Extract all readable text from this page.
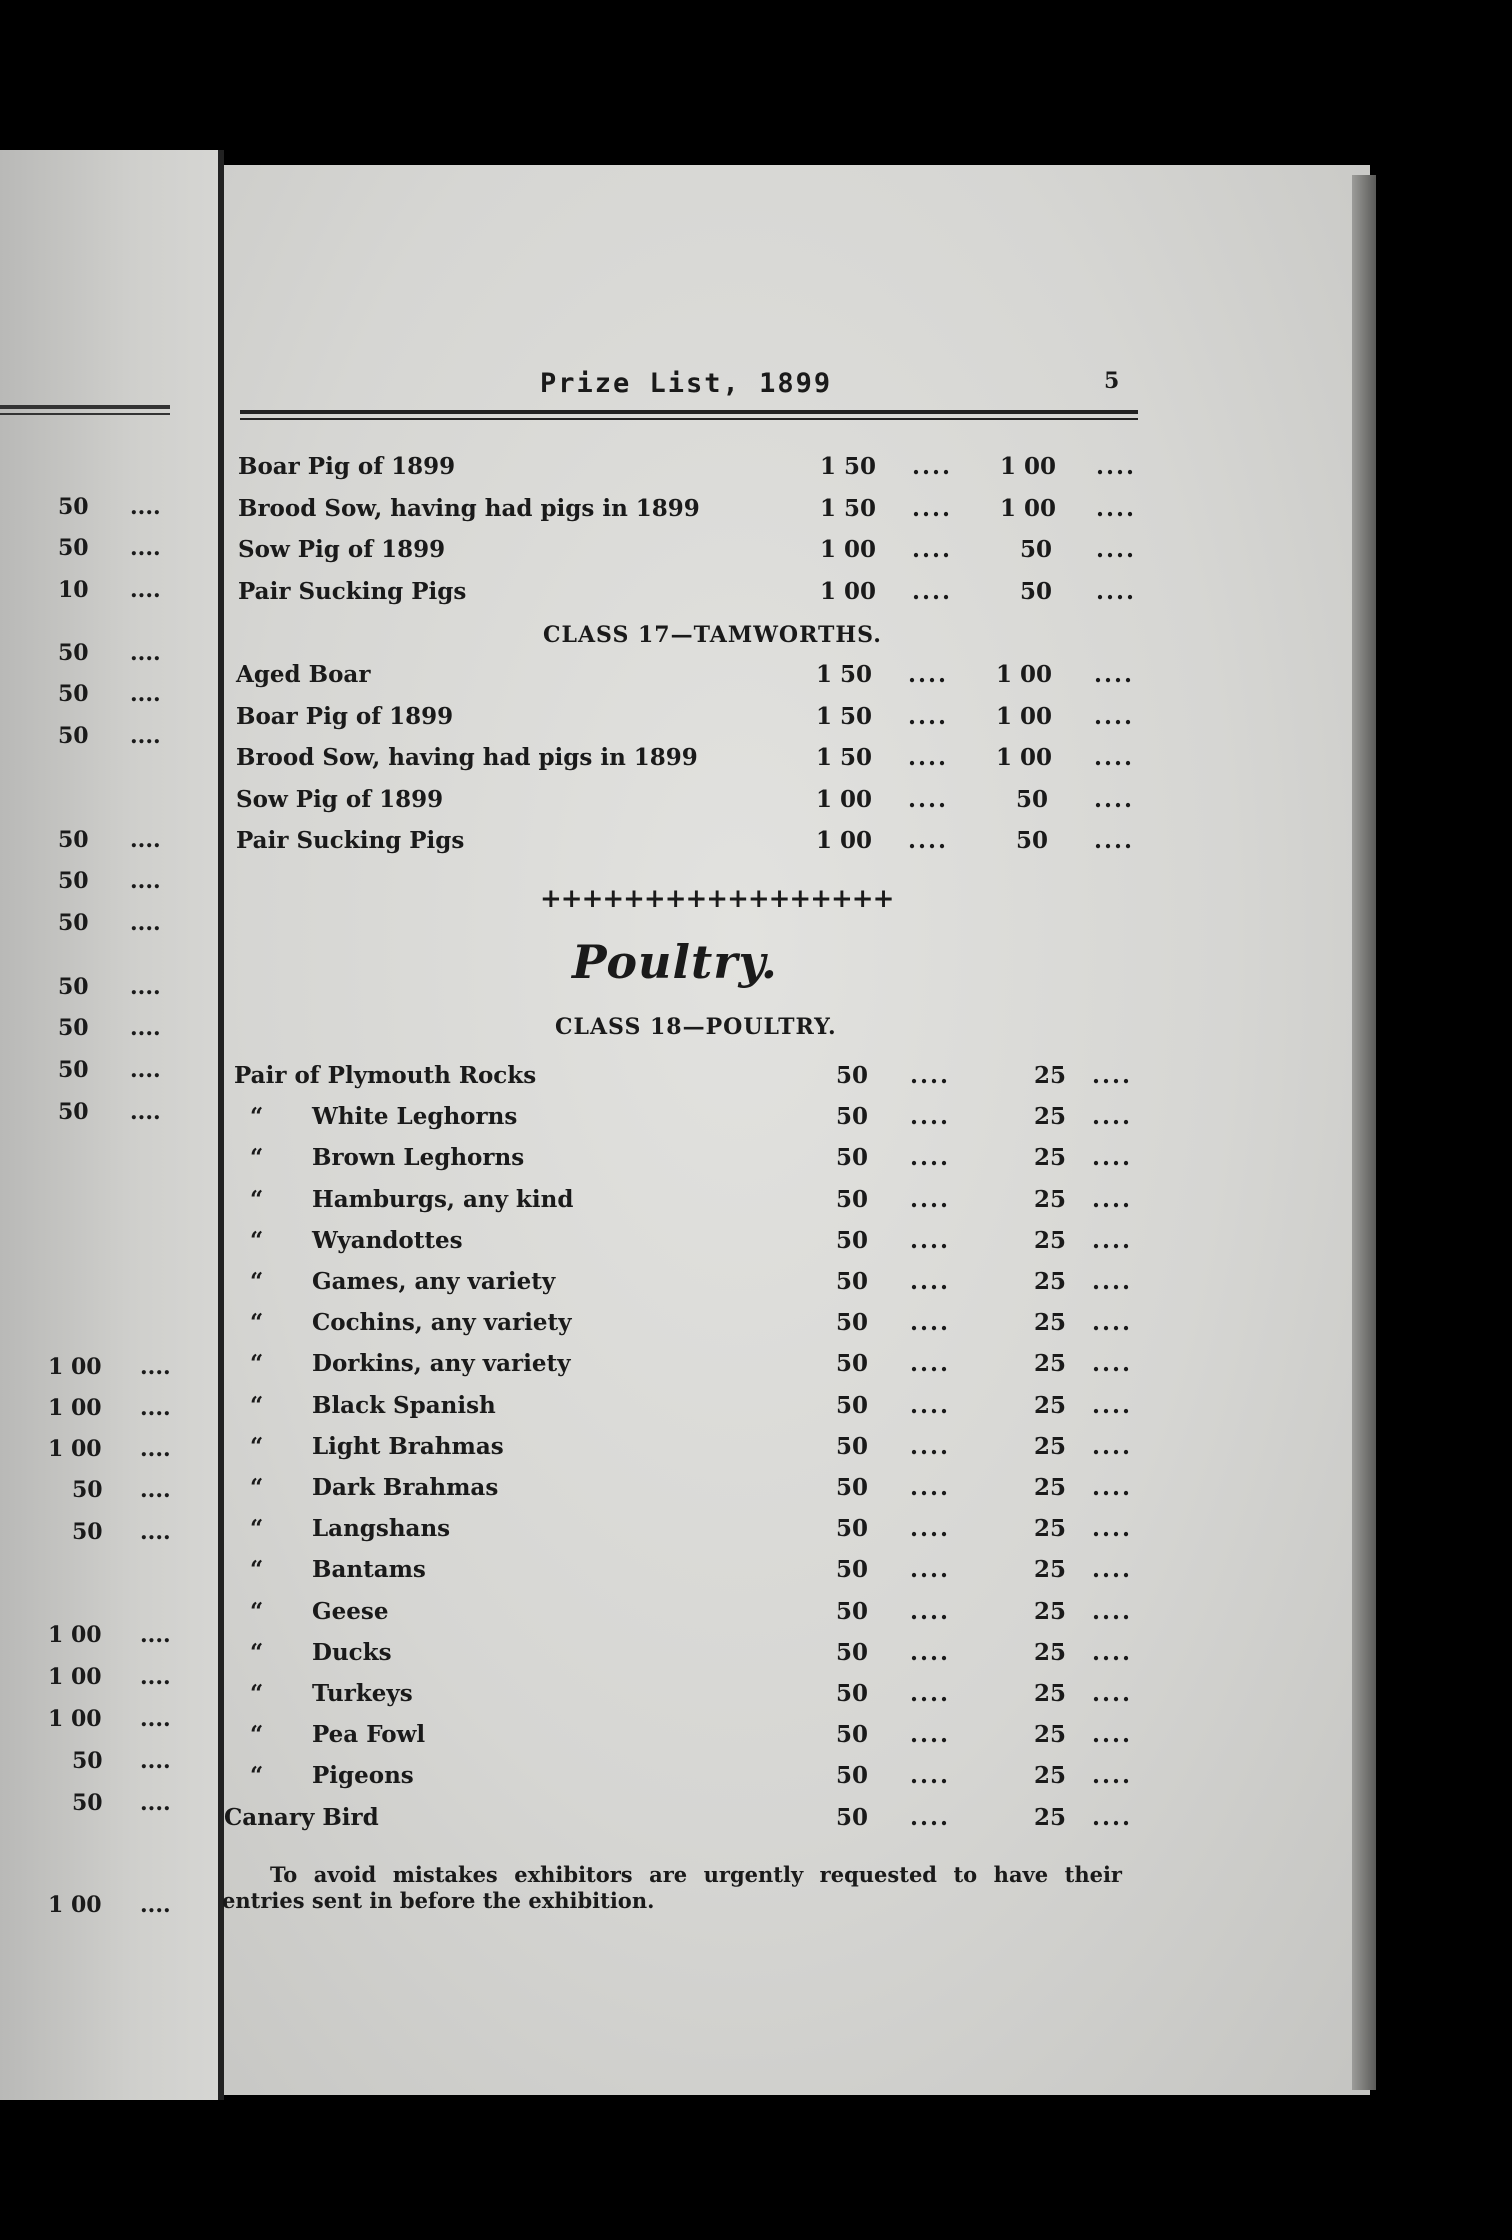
50 ....
50 ....
10 ....
50 ....
50 ....
50 ....
50 ....
50 ....
50 ....
50 ....
50 ....
50 ....
50 ....
1 00 ....
1 00 ....
1 00 ....
50 ....
50 ....
1 00 ....
1 00 ....
1 00 ....
50 ....
50 ....
1 00 ....
Prize List, 1899	5
Boar Pig of 1899	1 50 .... 1 00 ....
Brood Sow, having had pigs in 1899	1 50 .... 1 00 ....
Sow Pig of 1899	1 00 ....	50 ....
Pair Sucking Pigs	1 00 ....	50 ....
CLASS 17—TAMWORTHS.
Aged Boar	1 50 .... 1 00 ....
Boar Pig of 1899	1 50 .... 1 00 ....
Brood Sow, having had pigs in 1899	1 50 .... 1 00 ....
Sow Pig of 1899	1 00 ....	50 ....
Pair Sucking Pigs	1 00 ....	50 ....
+++++++++++++++++
Poultry.
CLASS 18—POULTRY.
Pair of Plymouth Rocks	50 ....	25 ....
“ White Leghorns	50 ....	25 ....
“ Brown Leghorns	50 ....	25 ....
“ Hamburgs, any kind	50 ....	25 ....
“ Wyandottes	50 ....	25 ....
“ Games, any variety	50 ....	25 ....
“ Cochins, any variety	50 ....	25 ....
“ Dorkins, any variety	50 ....	25 ....
“ Black Spanish	50 ....	25 ....
“ Light Brahmas	50 ....	25 ....
“ Dark Brahmas	50 ....	25 ....
“ Langshans	50 ....	25 ....
“ Bantams	50 ....	25 ....
“ Geese	50 ....	25 ....
“ Ducks	50 ....	25 ....
“ Turkeys	50 ....	25 ....
“ Pea Fowl	50 ....	25 ....
“ Pigeons	50 ....	25 ....
Canary Bird	50 ....	25 ....
To avoid mistakes exhibitors are urgently requested to have their entries sent in before the exhibition.
